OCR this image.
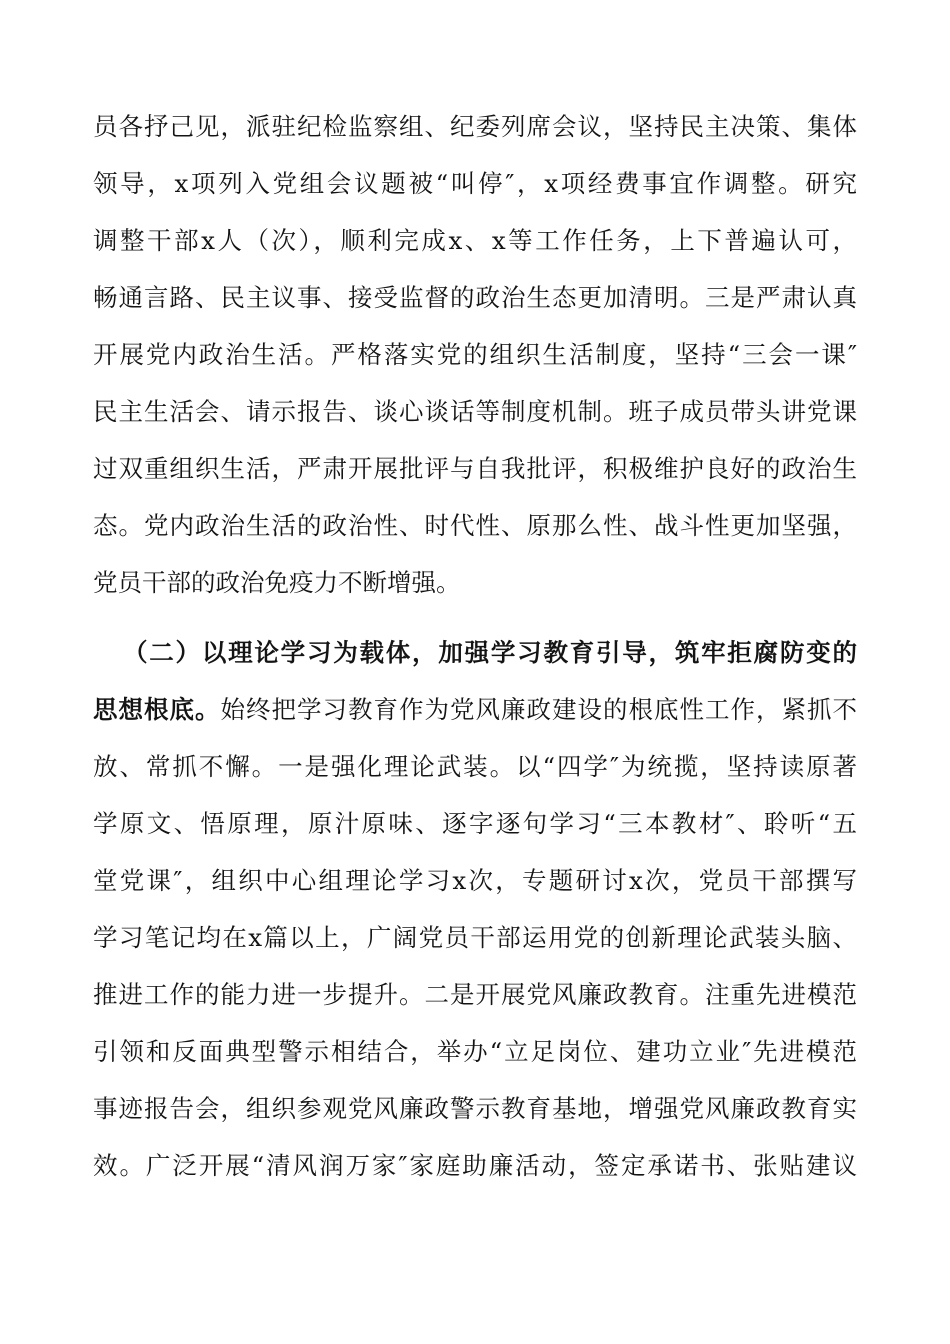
员各抒己见，派驻纪检监察组、纪委列席会议，坚持民主决策、集体
领导，x项列入党组会议题被“叫停″，x项经费事宜作调整。研究
调整干部x人（次），顺利完成x、x等工作任务，上下普遍认可，
畅通言路、民主议事、接受监督的政治生态更加清明。三是严肃认真
开展党内政治生活。严格落实党的组织生活制度，坚持“三会一课″
民主生活会、请示报告、谈心谈话等制度机制。班子成员带头讲党课
过双重组织生活，严肃开展批评与自我批评，积极维护良好的政治生
态。党内政治生活的政治性、时代性、原那么性、战斗性更加坚强，
党员干部的政治免疫力不断增强。
（二）以理论学习为载体，加强学习教育引导，筑牢拒腐防变的
思想根底。始终把学习教育作为党风廉政建设的根底性工作，紧抓不
放、常抓不懈。一是强化理论武装。以“四学″为统揽，坚持读原著
学原文、悟原理，原汁原味、逐字逐句学习“三本教材″、聆听“五
堂党课″，组织中心组理论学习x次，专题研讨x次，党员干部撰写
学习笔记均在x篇以上，广阔党员干部运用党的创新理论武装头脑、
推进工作的能力进一步提升。二是开展党风廉政教育。注重先进模范
引领和反面典型警示相结合，举办“立足岗位、建功立业″先进模范
事迹报告会，组织参观党风廉政警示教育基地，增强党风廉政教育实
效。广泛开展“清风润万家″家庭助廉活动，签定承诺书、张贴建议
